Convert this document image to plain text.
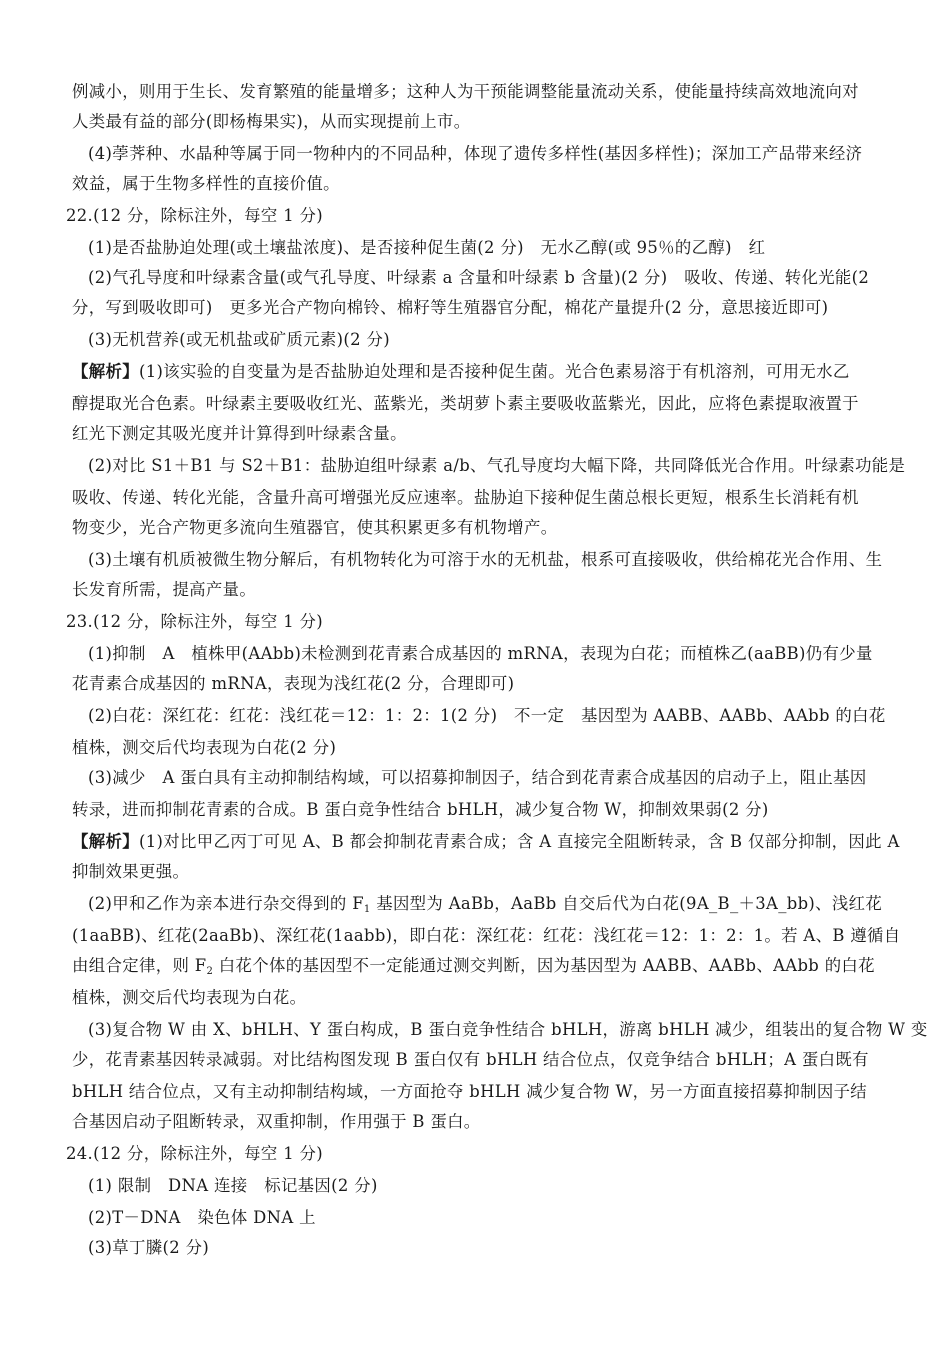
例减小，则用于生长、发育繁殖的能量增多；这种人为干预能调整能量流动关系，使能量持续高效地流向对
人类最有益的部分(即杨梅果实)，从而实现提前上市。
(4)荸荠种、水晶种等属于同一物种内的不同品种，体现了遗传多样性(基因多样性)；深加工产品带来经济
效益，属于生物多样性的直接价值。
22.(12 分，除标注外，每空 1 分)
(1)是否盐胁迫处理(或土壤盐浓度)、是否接种促生菌(2 分)　无水乙醇(或 95％的乙醇)　红
(2)气孔导度和叶绿素含量(或气孔导度、叶绿素 a 含量和叶绿素 b 含量)(2 分)　吸收、传递、转化光能(2
分，写到吸收即可)　更多光合产物向棉铃、棉籽等生殖器官分配，棉花产量提升(2 分，意思接近即可)
(3)无机营养(或无机盐或矿质元素)(2 分)
【解析】(1)该实验的自变量为是否盐胁迫处理和是否接种促生菌。光合色素易溶于有机溶剂，可用无水乙
醇提取光合色素。叶绿素主要吸收红光、蓝紫光，类胡萝卜素主要吸收蓝紫光，因此，应将色素提取液置于
红光下测定其吸光度并计算得到叶绿素含量。
(2)对比 S1＋B1 与 S2＋B1：盐胁迫组叶绿素 a/b、气孔导度均大幅下降，共同降低光合作用。叶绿素功能是
吸收、传递、转化光能，含量升高可增强光反应速率。盐胁迫下接种促生菌总根长更短，根系生长消耗有机
物变少，光合产物更多流向生殖器官，使其积累更多有机物增产。
(3)土壤有机质被微生物分解后，有机物转化为可溶于水的无机盐，根系可直接吸收，供给棉花光合作用、生
长发育所需，提高产量。
23.(12 分，除标注外，每空 1 分)
(1)抑制　A　植株甲(AAbb)未检测到花青素合成基因的 mRNA，表现为白花；而植株乙(aaBB)仍有少量
花青素合成基因的 mRNA，表现为浅红花(2 分，合理即可)
(2)白花：深红花：红花：浅红花＝12：1：2：1(2 分)　不一定　基因型为 AABB、AABb、AAbb 的白花
植株，测交后代均表现为白花(2 分)
(3)减少　A 蛋白具有主动抑制结构域，可以招募抑制因子，结合到花青素合成基因的启动子上，阻止基因
转录，进而抑制花青素的合成。B 蛋白竞争性结合 bHLH，减少复合物 W，抑制效果弱(2 分)
【解析】(1)对比甲乙丙丁可见 A、B 都会抑制花青素合成；含 A 直接完全阻断转录，含 B 仅部分抑制，因此 A
抑制效果更强。
(2)甲和乙作为亲本进行杂交得到的 $F_1$ 基因型为 AaBb，AaBb 自交后代为白花(9A_B_＋3A_bb)、浅红花
(1aaBB)、红花(2aaBb)、深红花(1aabb)，即白花：深红花：红花：浅红花＝12：1：2：1。若 A、B 遵循自
由组合定律，则 $F_2$ 白花个体的基因型不一定能通过测交判断，因为基因型为 AABB、AABb、AAbb 的白花
植株，测交后代均表现为白花。
(3)复合物 W 由 X、bHLH、Y 蛋白构成，B 蛋白竞争性结合 bHLH，游离 bHLH 减少，组装出的复合物 W 变
少，花青素基因转录减弱。对比结构图发现 B 蛋白仅有 bHLH 结合位点，仅竞争结合 bHLH；A 蛋白既有
bHLH 结合位点，又有主动抑制结构域，一方面抢夺 bHLH 减少复合物 W，另一方面直接招募抑制因子结
合基因启动子阻断转录，双重抑制，作用强于 B 蛋白。
24.(12 分，除标注外，每空 1 分)
(1) 限制　DNA 连接　标记基因(2 分)
(2)T－DNA　染色体 DNA 上
(3)草丁膦(2 分)
